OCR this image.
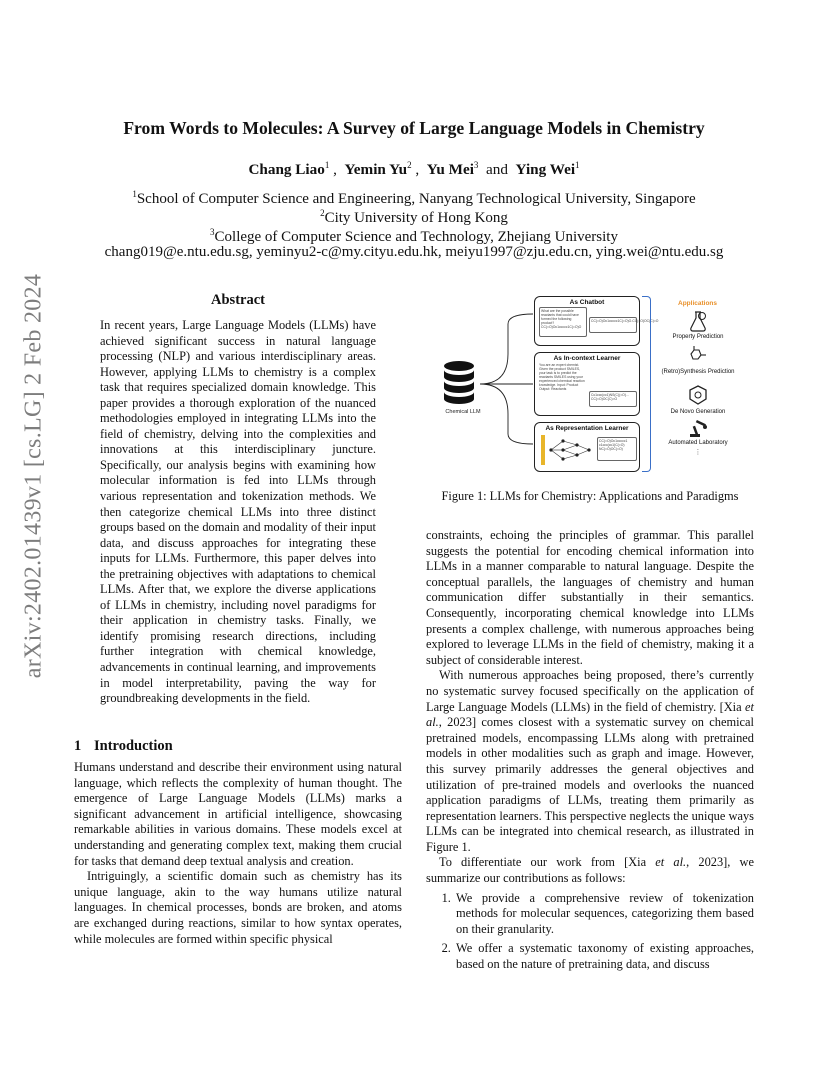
arXiv:2402.01439v1 [cs.LG] 2 Feb 2024
From Words to Molecules: A Survey of Large Language Models in Chemistry
Chang Liao$^1$ ,  Yemin Yu$^2$ ,  Yu Mei$^3$  and  Ying Wei$^1$
$^1$School of Computer Science and Engineering, Nanyang Technological University, Singapore
$^2$City University of Hong Kong
$^3$College of Computer Science and Technology, Zhejiang University
chang019@e.ntu.edu.sg, yeminyu2-c@my.cityu.edu.hk, meiyu1997@zju.edu.cn, ying.wei@ntu.edu.sg
Abstract
In recent years, Large Language Models (LLMs) have achieved significant success in natural language processing (NLP) and various interdisciplinary areas. However, applying LLMs to chemistry is a complex task that requires specialized domain knowledge. This paper provides a thorough exploration of the nuanced methodologies employed in integrating LLMs into the field of chemistry, delving into the complexities and innovations at this interdisciplinary juncture. Specifically, our analysis begins with examining how molecular information is fed into LLMs through various representation and tokenization methods. We then categorize chemical LLMs into three distinct groups based on the domain and modality of their input data, and discuss approaches for integrating these inputs for LLMs. Furthermore, this paper delves into the pretraining objectives with adaptations to chemical LLMs. After that, we explore the diverse applications of LLMs in chemistry, including novel paradigms for their application in chemistry tasks. Finally, we identify promising research directions, including further integration with chemical knowledge, advancements in continual learning, and improvements in model interpretability, paving the way for groundbreaking developments in the field.
1 Introduction

Humans understand and describe their environment using natural language, which reflects the complexity of human thought. The emergence of Large Language Models (LLMs) marks a significant advancement in artificial intelligence, showcasing remarkable abilities in various domains. These models excel at understanding and generating complex text, making them crucial for tasks that demand deep textual analysis and creation.

Intriguingly, a scientific domain such as chemistry has its unique language, akin to the way humans utilize natural languages. In chemical processes, bonds are broken, and atoms are exchanged during reactions, similar to how syntax operates, while molecules are formed within specific physical

Chemical LLM
As Chatbot
What are the possible reactants that could have formed the following product? CC(=O)Oc1ccccc1C(=O)O
CC(=O)Oc1ccccc1C(=O)O.CC(=O)OC(C)=O
As In-context Learner
You are an expert chemist. Given the product SMILES, your task is to predict the reactants SMILES using your experienced chemical reaction knowledge. Input: Product Output: Reactants
Cc1ccc(cc1)NS(C)(=O)... CC(=O)OC(C)=O
As Representation Learner
CC(=O)Oc1ccccc1 c1ccc(cc1)C(=O) NC(=O)OC(=O)
Applications
Property Prediction
(Retro)Synthesis Prediction
De Novo Generation
Automated Laboratory
⋮
Figure 1: LLMs for Chemistry: Applications and Paradigms

constraints, echoing the principles of grammar. This parallel suggests the potential for encoding chemical information into LLMs in a manner comparable to natural language. Despite the conceptual parallels, the languages of chemistry and human communication differ substantially in their semantics. Consequently, incorporating chemical knowledge into LLMs presents a complex challenge, with numerous approaches being explored to leverage LLMs in the field of chemistry, making it a subject of considerable interest.

With numerous approaches being proposed, there’s currently no systematic survey focused specifically on the application of Large Language Models (LLMs) in the field of chemistry. [Xia et al., 2023] comes closest with a systematic survey on chemical pretrained models, encompassing LLMs along with pretrained models in other modalities such as graph and image. However, this survey primarily addresses the general objectives and utilization of pre-trained models and overlooks the nuanced application paradigms of LLMs, treating them primarily as representation learners. This perspective neglects the unique ways LLMs can be integrated into chemical research, as illustrated in Figure 1.

To differentiate our work from [Xia et al., 2023], we summarize our contributions as follows:

1. We provide a comprehensive review of tokenization methods for molecular sequences, categorizing them based on their granularity.
2. We offer a systematic taxonomy of existing approaches, based on the nature of pretraining data, and discuss
